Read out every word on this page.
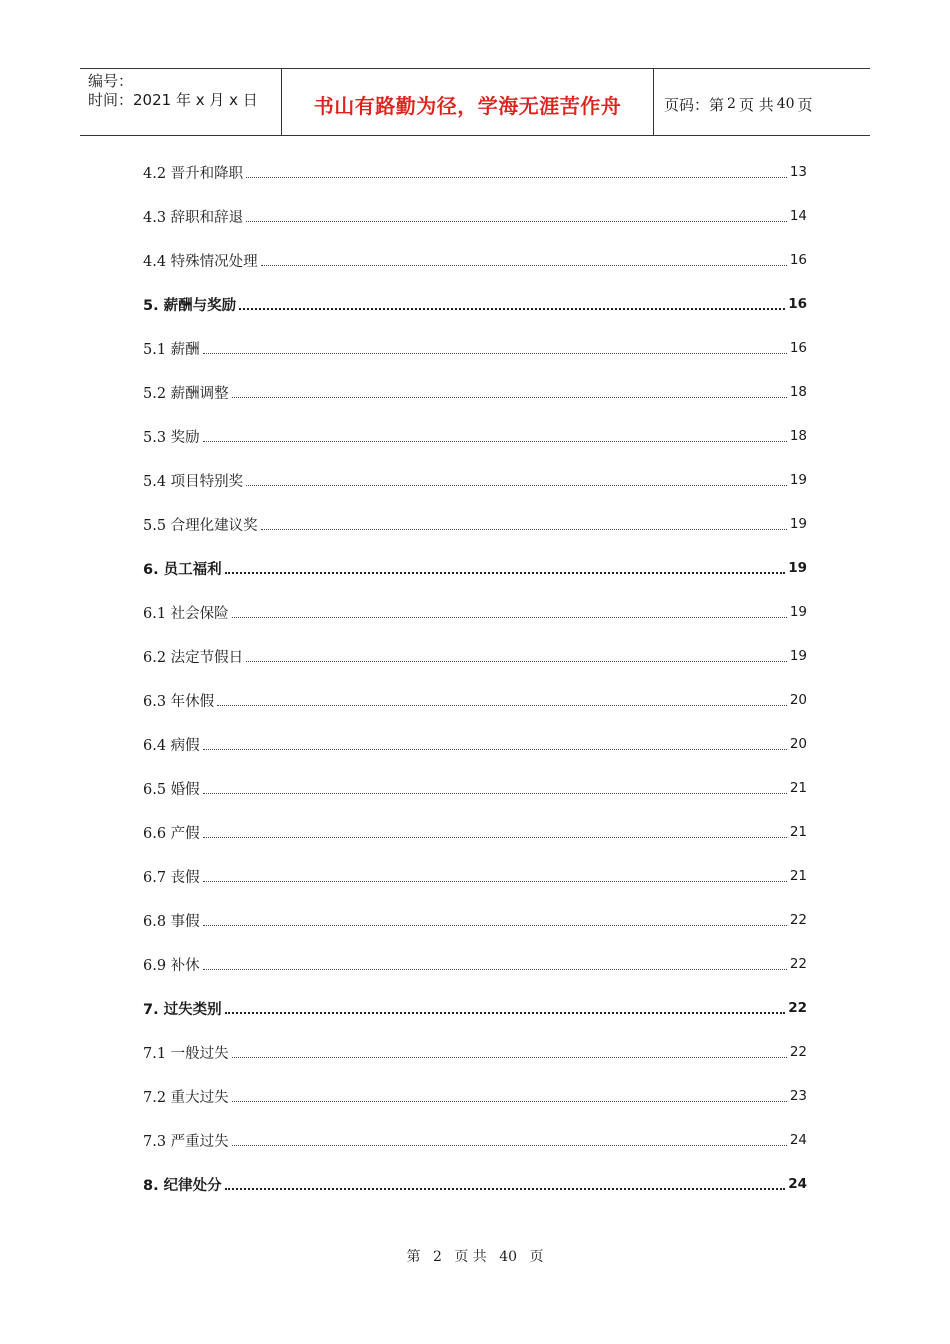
编号：
时间：2021 年 x 月 x 日	书山有路勤为径，学海无涯苦作舟	页码：第 2 页 共 40 页
4.2 晋升和降职	13
4.3 辞职和辞退	14
4.4 特殊情况处理	16
5. 薪酬与奖励	16
5.1 薪酬	16
5.2 薪酬调整	18
5.3 奖励	18
5.4 项目特别奖	19
5.5 合理化建议奖	19
6. 员工福利	19
6.1 社会保险	19
6.2 法定节假日	19
6.3 年休假	20
6.4 病假	20
6.5 婚假	21
6.6 产假	21
6.7 丧假	21
6.8 事假	22
6.9 补休	22
7. 过失类别	22
7.1 一般过失	22
7.2 重大过失	23
7.3 严重过失	24
8. 纪律处分	24
第 2 页 共 40 页
